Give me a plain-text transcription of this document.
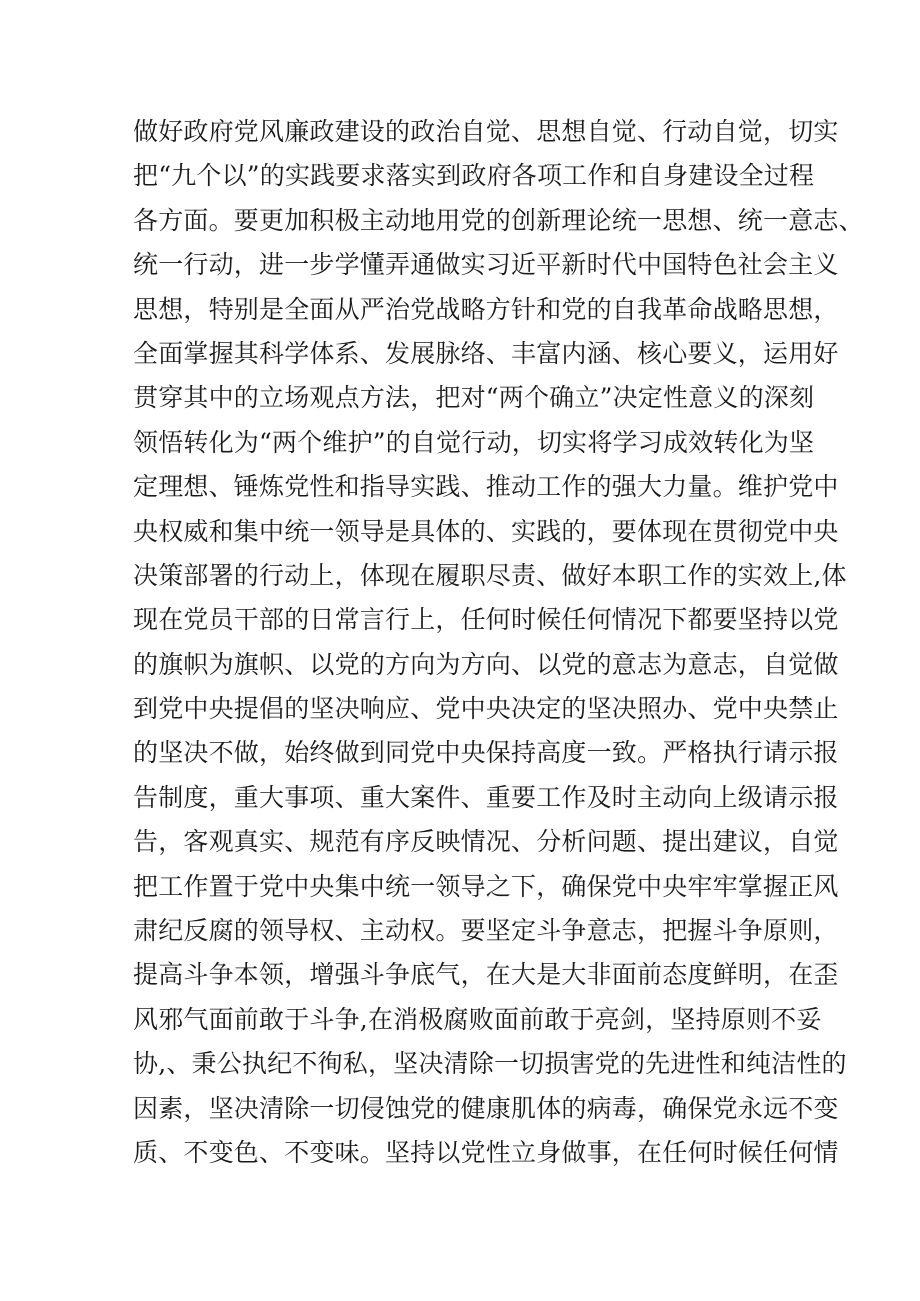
做好政府党风廉政建设的政治自觉、思想自觉、行动自觉，切实
把“九个以”的实践要求落实到政府各项工作和自身建设全过程
各方面。要更加积极主动地用党的创新理论统一思想、统一意志、
统一行动，进一步学懂弄通做实习近平新时代中国特色社会主义
思想，特别是全面从严治党战略方针和党的自我革命战略思想，
全面掌握其科学体系、发展脉络、丰富内涵、核心要义，运用好
贯穿其中的立场观点方法，把对“两个确立”决定性意义的深刻
领悟转化为“两个维护”的自觉行动，切实将学习成效转化为坚
定理想、锤炼党性和指导实践、推动工作的强大力量。维护党中
央权威和集中统一领导是具体的、实践的，要体现在贯彻党中央
决策部署的行动上，体现在履职尽责、做好本职工作的实效上,体
现在党员干部的日常言行上，任何时候任何情况下都要坚持以党
的旗帜为旗帜、以党的方向为方向、以党的意志为意志，自觉做
到党中央提倡的坚决响应、党中央决定的坚决照办、党中央禁止
的坚决不做，始终做到同党中央保持高度一致。严格执行请示报
告制度，重大事项、重大案件、重要工作及时主动向上级请示报
告，客观真实、规范有序反映情况、分析问题、提出建议，自觉
把工作置于党中央集中统一领导之下，确保党中央牢牢掌握正风
肃纪反腐的领导权、主动权。要坚定斗争意志，把握斗争原则，
提高斗争本领，增强斗争底气，在大是大非面前态度鲜明，在歪
风邪气面前敢于斗争,在消极腐败面前敢于亮剑，坚持原则不妥
协,、秉公执纪不徇私，坚决清除一切损害党的先进性和纯洁性的
因素，坚决清除一切侵蚀党的健康肌体的病毒，确保党永远不变
质、不变色、不变味。坚持以党性立身做事，在任何时候任何情
